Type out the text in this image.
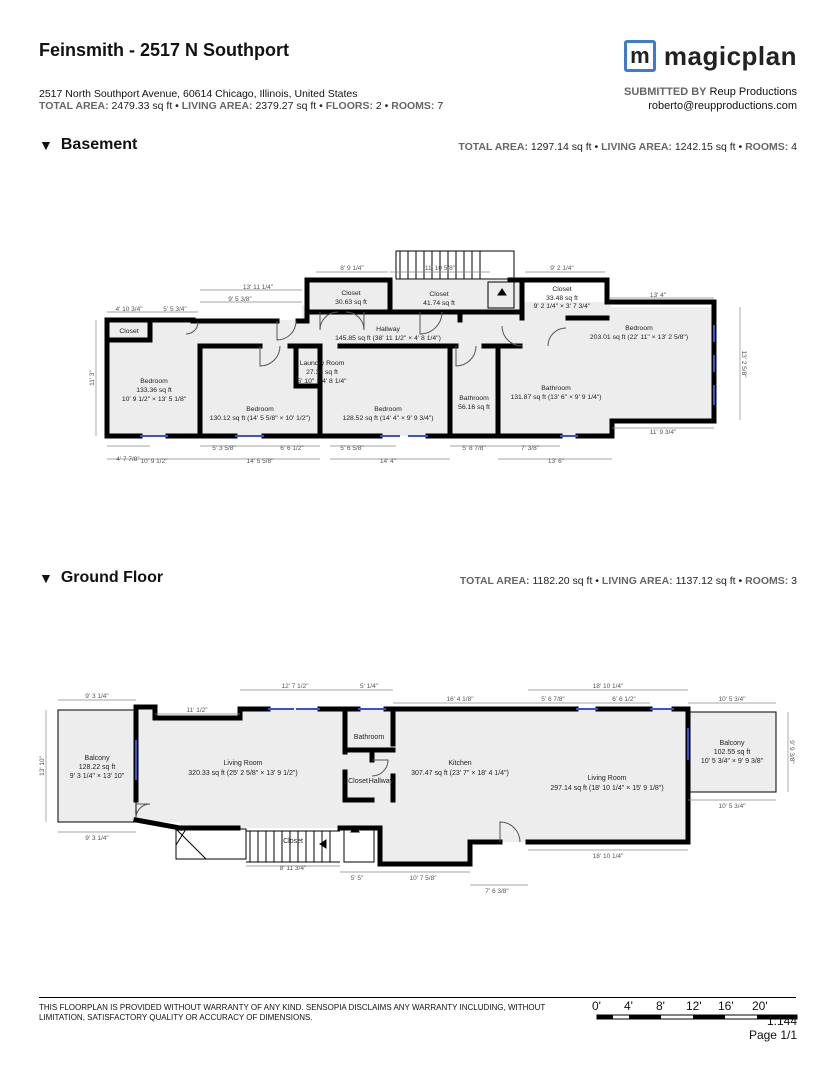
Feinsmith - 2517 N Southport
2517 North Southport Avenue, 60614 Chicago, Illinois, United States
TOTAL AREA: 2479.33 sq ft • LIVING AREA: 2379.27 sq ft • FLOORS: 2 • ROOMS: 7
m magicplan
SUBMITTED BY Reup Productions
roberto@reupproductions.com
▼ Basement	TOTAL AREA: 1297.14 sq ft • LIVING AREA: 1242.15 sq ft • ROOMS: 4
Closet
Bedroom
133.36 sq ft
10' 9 1/2" × 13' 5 1/8"
Bedroom
130.12 sq ft (14' 5 5/8" × 10' 1/2")
Laundry Room
27.33 sq ft
5' 10" × 4' 8 1/4"
Bedroom
128.52 sq ft (14' 4" × 9' 9 3/4")
Closet
30.63 sq ft
Closet
41.74 sq ft
Hallway
145.85 sq ft (38' 11 1/2" × 4' 8 1/4")
Bathroom
56.16 sq ft
Bathroom
131.87 sq ft (13' 6" × 9' 9 1/4")
Closet
33.48 sq ft
9' 2 1/4" × 3' 7 3/4"
Bedroom
203.01 sq ft (22' 11" × 13' 2 5/8")
8' 9 1/4"	11' 10 5/8"	9' 2 1/4"
13' 11 1/4"
13' 4"
4' 10 3/4"	5' 5 3/4"
9' 5 3/8"
4' 7 7/8"
5' 3 5/8"	6' 6 1/2"	5' 6 5/8"	5' 8 7/8"	7' 3/8"
10' 9 1/2"	14' 5 5/8"	14' 4"	13' 6"
11' 9 3/4"
11' 3"
13' 2 5/8"
Balcony
128.22 sq ft
9' 3 1/4" × 13' 10"
Living Room
320.33 sq ft (25' 2 5/8" × 13' 9 1/2")
Bathroom
Closet Hallway
Closet
Kitchen
307.47 sq ft (23' 7" × 18' 4 1/4")
Living Room
297.14 sq ft (18' 10 1/4" × 15' 9 1/8")
Balcony
102.55 sq ft
10' 5 3/4" × 9' 9 3/8"
9' 3 1/4"
12' 7 1/2"	5' 1/4"	18' 10 1/4"
10' 5 3/4"
11' 1/2"
16' 4 1/8"	5' 6 7/8"	6' 6 1/2"
9' 3 1/4"
10' 5 3/4"
18' 10 1/4"
8' 11 3/4"
5' 5"	10' 7 5/8"
7' 6 3/8"
13' 10"
9' 9 3/8"
▼ Ground Floor	TOTAL AREA: 1182.20 sq ft • LIVING AREA: 1137.12 sq ft • ROOMS: 3
THIS FLOORPLAN IS PROVIDED WITHOUT WARRANTY OF ANY KIND. SENSOPIA DISCLAIMS ANY WARRANTY INCLUDING, WITHOUT LIMITATION, SATISFACTORY QUALITY OR ACCURACY OF DIMENSIONS.
0' 4' 8' 12' 16' 20'
1:144
Page 1/1
